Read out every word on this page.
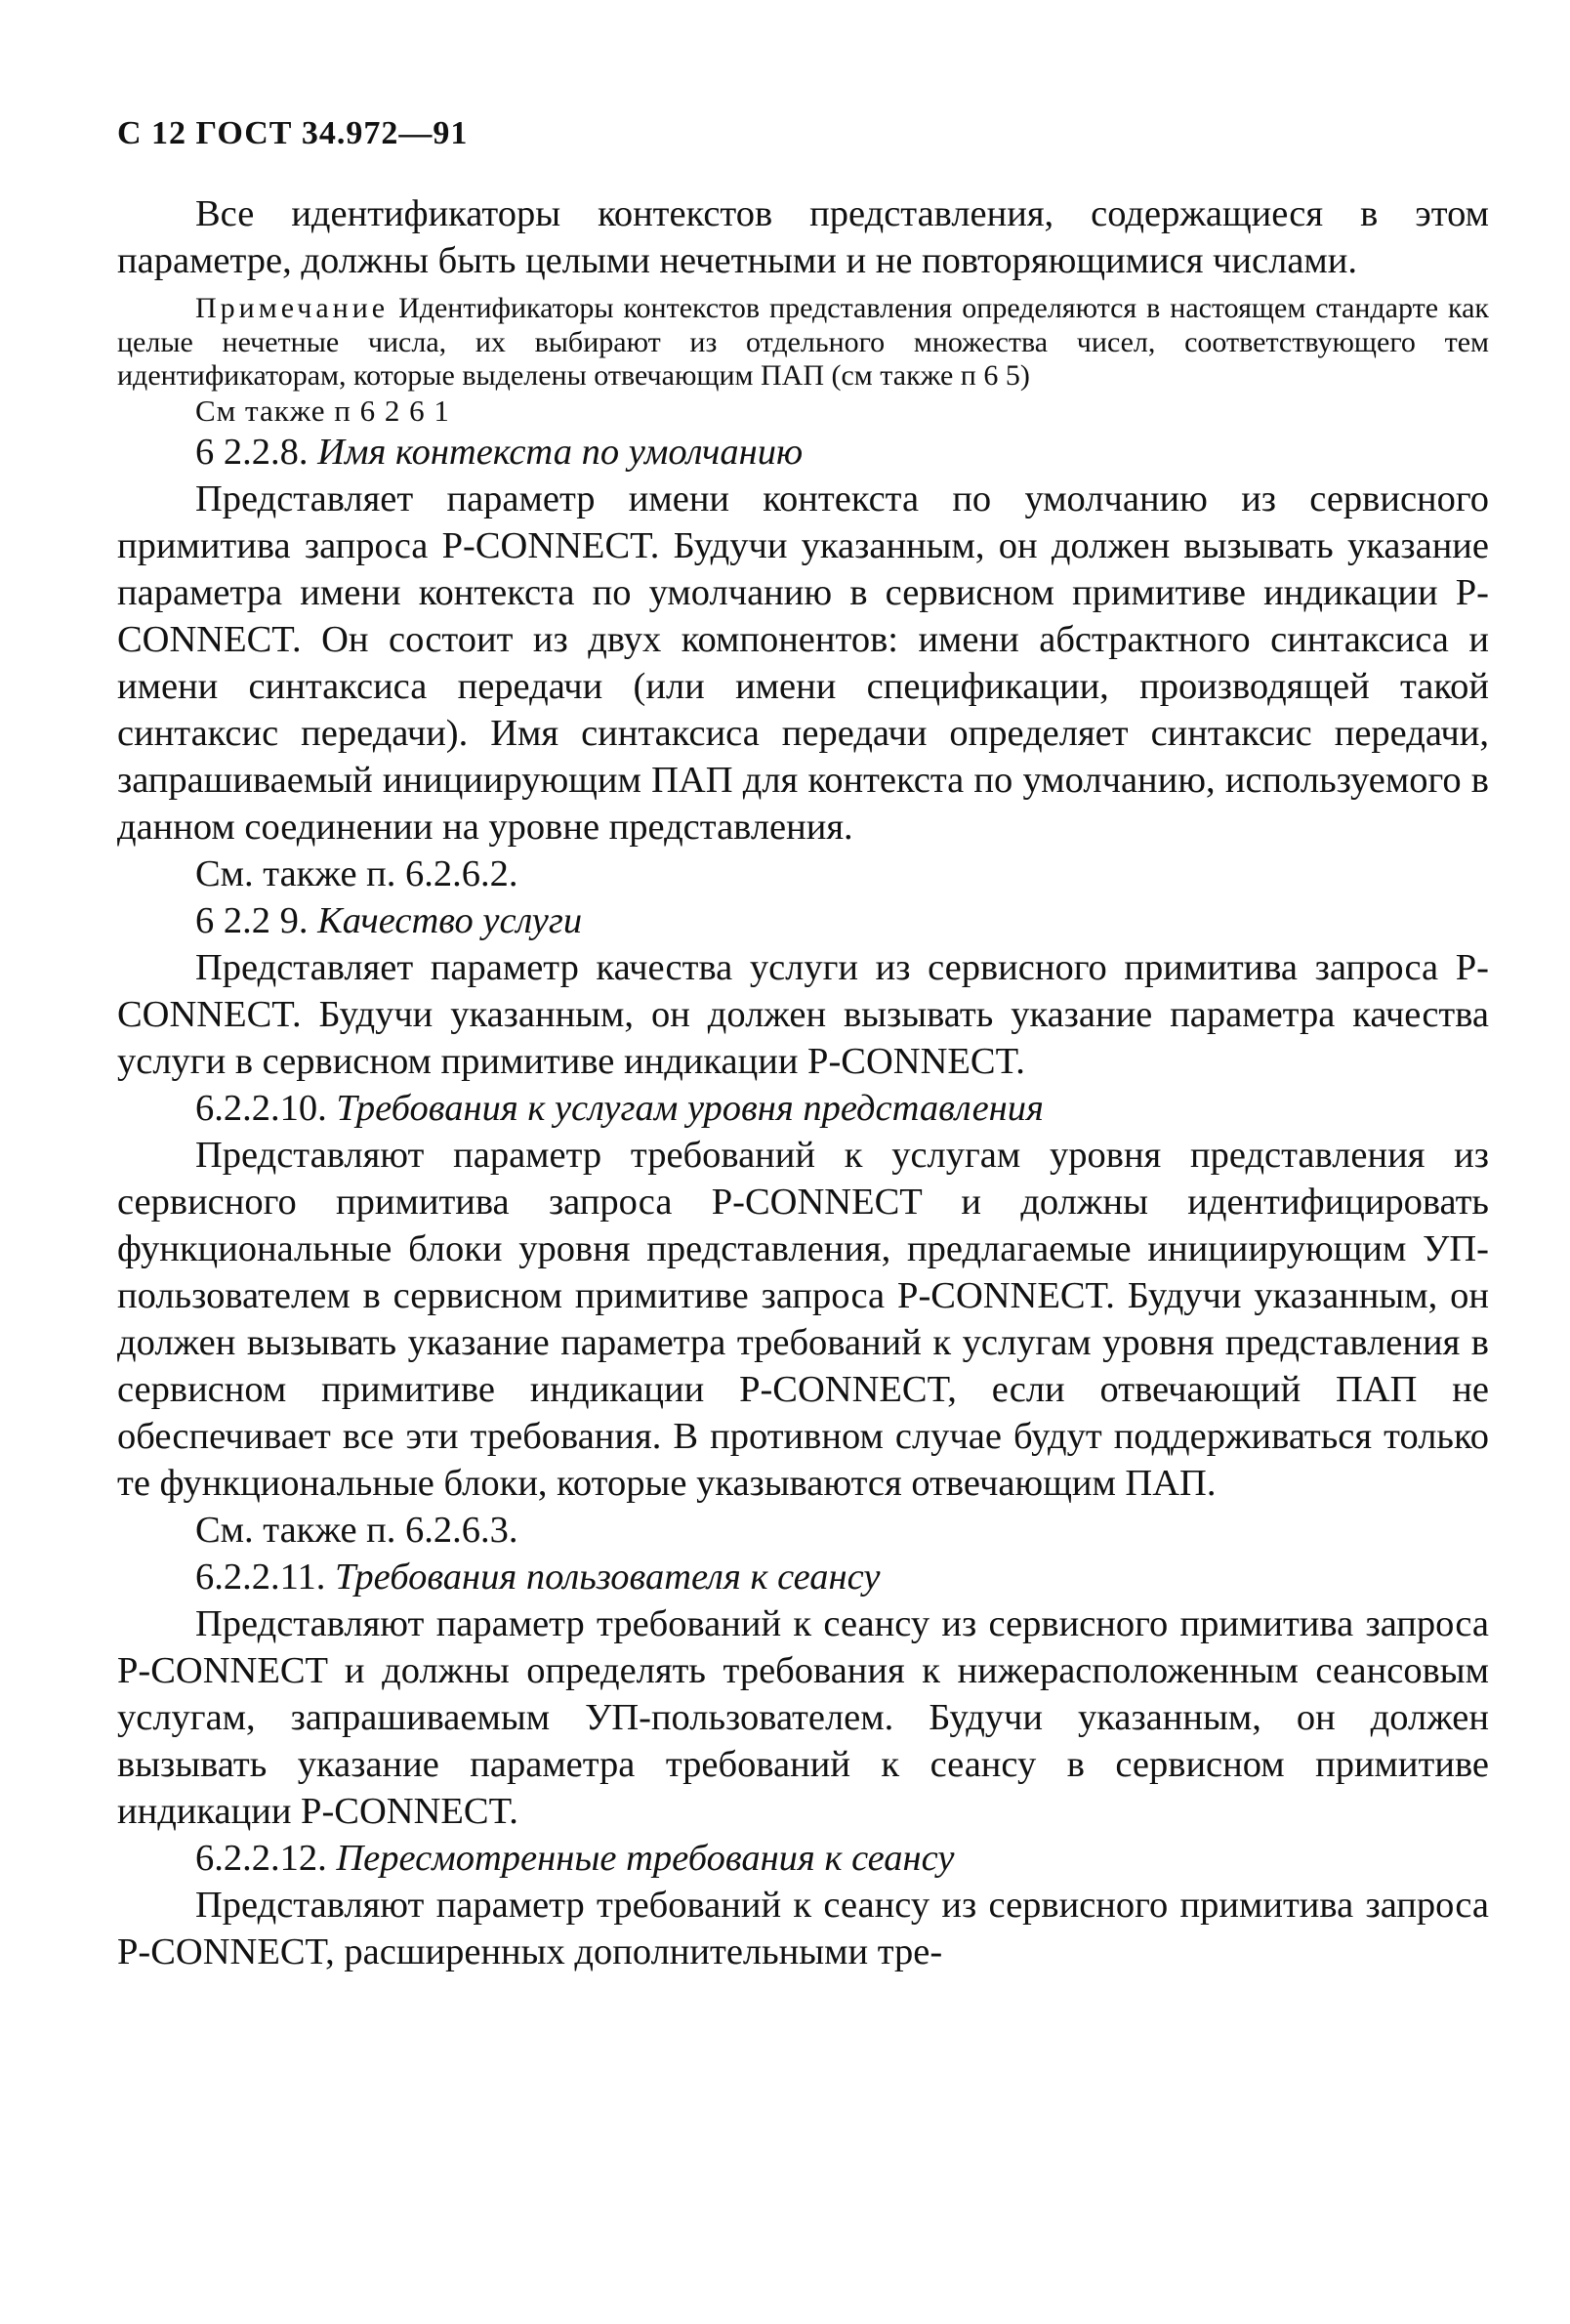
С 12 ГОСТ 34.972—91

Все идентификаторы контекстов представления, содержащиеся в этом параметре, должны быть целыми нечетными и не повторяющимися числами.

Примечание Идентификаторы контекстов представления определяются в настоящем стандарте как целые нечетные числа, их выбирают из отдельного множества чисел, соответствующего тем идентификаторам, которые выделены отвечающим ПАП (см также п 6 5)

См также п 6 2 6 1

6 2.2.8. Имя контекста по умолчанию

Представляет параметр имени контекста по умолчанию из сервисного примитива запроса P-CONNECT. Будучи указанным, он должен вызывать указание параметра имени контекста по умолчанию в сервисном примитиве индикации P-CONNECT. Он состоит из двух компонентов: имени абстрактного синтаксиса и имени синтаксиса передачи (или имени спецификации, производящей такой синтаксис передачи). Имя синтаксиса передачи определяет синтаксис передачи, запрашиваемый инициирующим ПАП для контекста по умолчанию, используемого в данном соединении на уровне представления.

См. также п. 6.2.6.2.

6 2.2 9. Качество услуги

Представляет параметр качества услуги из сервисного примитива запроса P-CONNECT. Будучи указанным, он должен вызывать указание параметра качества услуги в сервисном примитиве индикации P-CONNECT.

6.2.2.10. Требования к услугам уровня представления

Представляют параметр требований к услугам уровня представления из сервисного примитива запроса P-CONNECT и должны идентифицировать функциональные блоки уровня представления, предлагаемые инициирующим УП-пользователем в сервисном примитиве запроса P-CONNECT. Будучи указанным, он должен вызывать указание параметра требований к услугам уровня представления в сервисном примитиве индикации P-CONNECT, если отвечающий ПАП не обеспечивает все эти требования. В противном случае будут поддерживаться только те функциональные блоки, которые указываются отвечающим ПАП.

См. также п. 6.2.6.3.

6.2.2.11. Требования пользователя к сеансу

Представляют параметр требований к сеансу из сервисного примитива запроса P-CONNECT и должны определять требования к нижерасположенным сеансовым услугам, запрашиваемым УП-пользователем. Будучи указанным, он должен вызывать указание параметра требований к сеансу в сервисном примитиве индикации P-CONNECT.

6.2.2.12. Пересмотренные требования к сеансу

Представляют параметр требований к сеансу из сервисного примитива запроса P-CONNECT, расширенных дополнительными тре-
